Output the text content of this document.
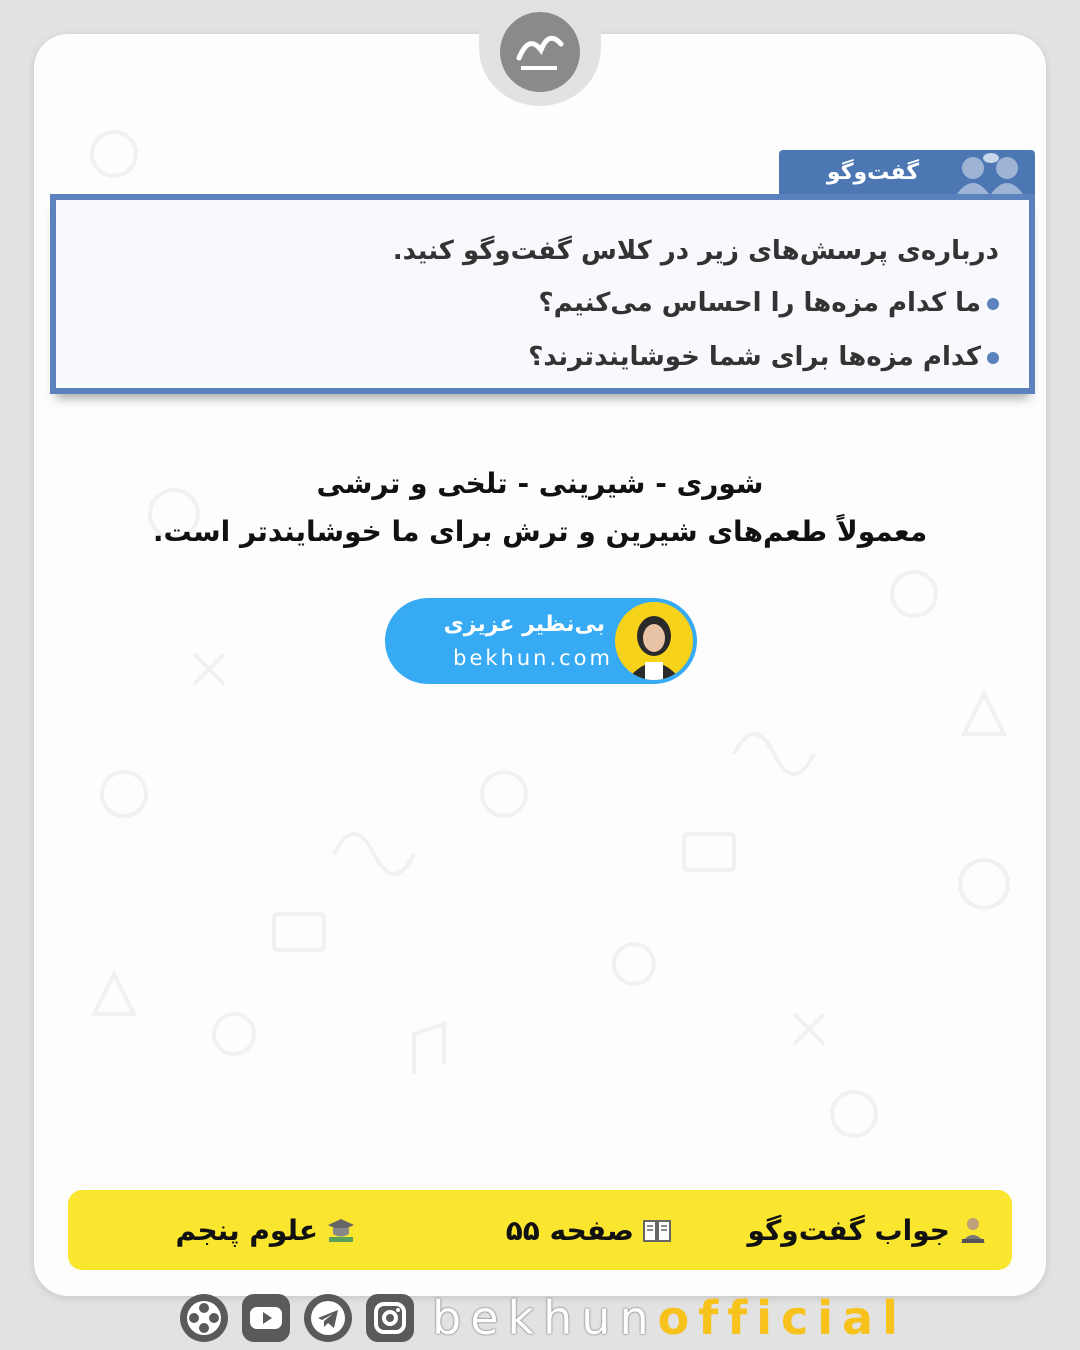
گفت‌وگو
درباره‌ی پرسش‌های زیر در کلاس گفت‌وگو کنید.
ما کدام مزه‌ها را احساس می‌کنیم؟
کدام مزه‌ها برای شما خوشایندترند؟
شوری - شیرینی - تلخی و ترشی
معمولاً طعم‌های شیرین و ترش برای ما خوشایندتر است.
بی‌نظیر عزیزی
bekhun.com
جواب گفت‌وگو
صفحه ۵۵
علوم پنجم
bekhunofficial
